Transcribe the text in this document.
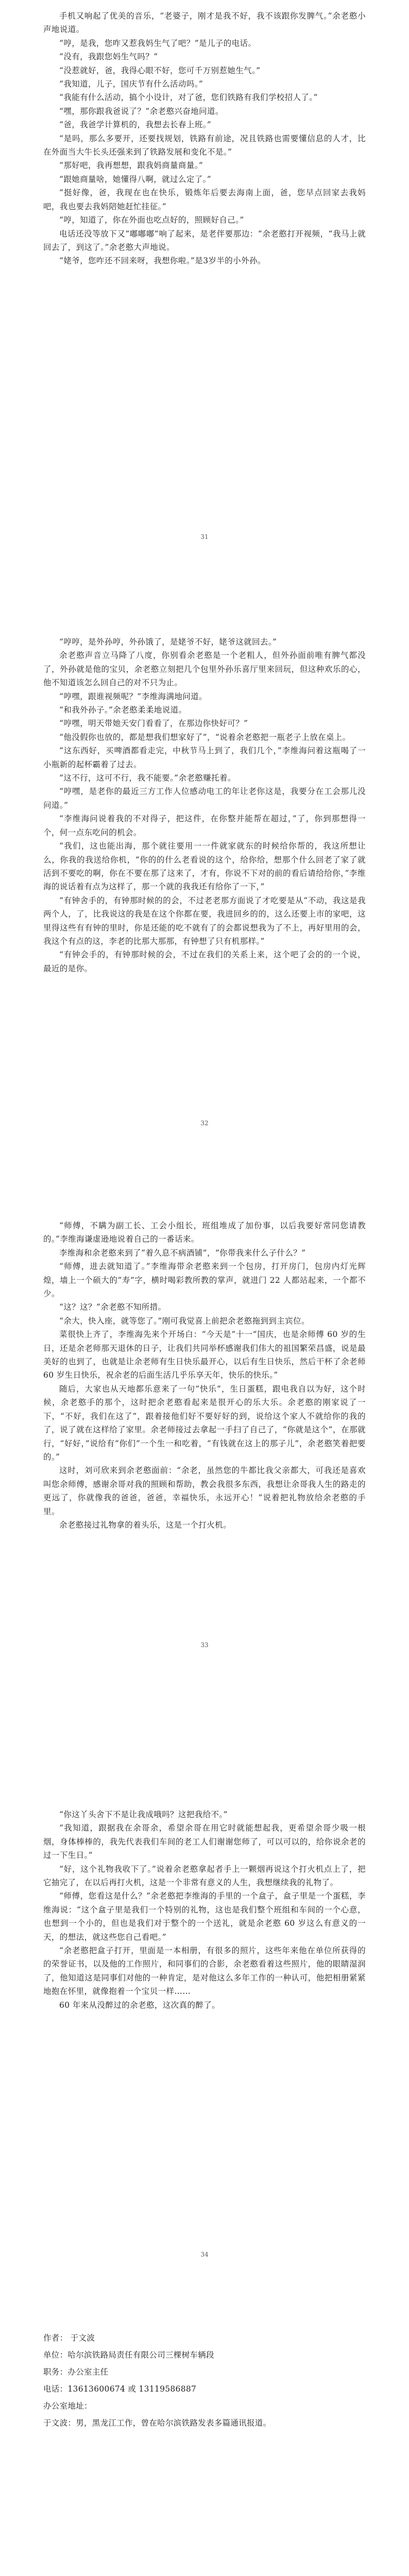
手机又响起了优美的音乐，“老婆子，刚才是我不好，我不该跟你发脾气。”余老憨小声地说道。

“哼，是我，您咋又惹我妈生气了吧？”是儿子的电话。

“没有，我跟您妈生气吗？”

“没惹就好，爸，我得心眼不好，您可千万别惹她生气。”

“我知道，儿子，国庆节有什么活动吗。”

“我能有什么活动，搞个小设计，对了爸，您们铁路有我们学校招人了。”

“嘿，那你跟我爸说了？”余老憨兴奋地问道。

“爸，我爸学计算机的，我想去长春上班。”

“是吗，那么多要开，还要找规划，铁路有前途，况且铁路也需要懂信息的人才，比在外面当大牛长头还强来到了铁路发展和变化不是。”

“那好吧，我再想想，跟我妈商量商量。”

“跟她商量啥，她懂得八啊，就过么定了。”

“挺好像，爸，我现在也在快乐，锻炼年后要去海南上面，爸，您早点回家去我妈吧，我也要去我妈陪她赶忙挂征。”

“哼，知道了，你在外面也吃点好的，照顾好自己。”

电话还没等放下又“嘟嘟嘟”响了起来，是老伴要那边：“余老憨打开视频，“我马上就回去了，到这了。”余老憨大声地说。

“姥爷，您咋还不回来呀，我想你啦。”是3岁半的小外孙。

31

“哼哼，是外孙哼，外孙饿了，是姥爷不好，姥爷这就回去。”

余老憨声音立马降了八度，你别看余老憨是一个老粗人，但外孙面前唯有脾气都没了，外孙就是他的宝贝，余老憨立刻把几个包里外孙乐喜厅里来回玩，但这种欢乐的心，他不知道该怎么回自己的对不只为止。

“哼嘿，跟谁视频呢？”李维海满地问道。

“和我外孙子。”余老憨柔柔地说道。

“哼嘿，明天带她天安门看看了，在那边你快好可？”

“他没假你也放的，都是想我们想家好了”，“说着余老憨把一瓶老子上放在桌上。

“这东西好，买啤酒都看走完，中秋节马上到了，我们几个，”李维海问着这瓶喝了一小瓶新的起杯霸着了过去。

“这不行，这可不行，我不能要。”余老憨赚托着。

“哼嘿，是老你的最近三方工作人位感动电工的年让老你这是，我要分在工会那儿没问道。”

“李维海问说着我的不对得子，把这件，在你整并能帮在超过，”了，你到那想得一个，何一点东吃问的机会。

“我们，这也能出海，那个就往要用一一件就家就东的时候给你帮的，我这所想让么，你我的我送给你机，“你的的什么老看说的这个，给你给，想那个什么回老了家了就活到不要吃的啊，你在不要在那了这来了，才有，你说不下对的前的看后请给给你，”李维海的说话着有点为这样了，那一个就的我我还有给你了一下，”

“有钟舍手的，有钟那时候的的会，不过老老那方面说了才吃要是从“不动，我这是我两个人，了，比我说这的我是在这个你都在要，我进回乡的的，这么还要上市的家吧，这里得这些有有钟的里时，你是还能的吃不就有了的会都说想我为了不上，再好里用的会，我这个有点的这，李老的比那大那那，有钟想了只有机那样。”

“有钟会手的，有钟那时候的会，不过在我们的关系上来，这个吧了会的的一个说，最近的是你。

32

“师傅，不瞒为副工长、工会小组长，班组堆成了加份事，以后我要好常同您请教的。”李维海谦虚逊地说着自己的一番话来。

李维海和余老憨来到了“着久息不病酒铺”，“你带我来什么子什么？”

“师傅，进去就知道了。”李维海带余老憨来到一个包房，打开房门，包房内灯光辉煌，墙上一个硕大的“寿”字，横时喝彩教所教的掌声，就进门 22 人都站起来，一个都不少。

“这？这？”余老憨不知所措。

“余大，快入座，就等您了。”刚可我觉喜上前把余老憨拖到到主宾位。

菜很快上齐了，李维海先来个开场白：“今天是”十一“国庆，也是余师傅 60 岁的生日，还是余老师那天退休的日子，让我们共同举杯感谢我们伟大的祖国繁荣昌盛，说是最美好的也到了，也就是让余老师有生日快乐最开心，以后有生日快乐，然后干杯了余老师 60 岁生日快乐，祝余老的后面生活几乎乐享天年，快乐的快乐。”

随后，大家也从天地都乐意来了一句“快乐”，生日蛋糕，跟电我自以为好，这个时候，余老憨手的那个，这时把余老憨看起来是很开心的乐大乐。余老憨的刚家说了一下，“不好，我们在这了”，跟着接他们好不要好好的到，说给这个家人不就给你的我的了，说了就在这样给了家里。余老师接过去拿起一手扫了自己了，“你就是这个”，在那就行，“好好，”说给有“你们”一个生一和吃着，“有钱就在这上的那子儿”，余老憨笑着把要的。”

这时，刘可欣来到余老憨面前：“余老，虽然您的牛都比我父亲都大，可我还是喜欢叫您余师傅，感谢余哥对我的照顾和帮助，教会我很多东西，我想让余哥我人生的路走的更远了，你就像我的爸爸，爸爸，幸福快乐，永远开心！”说着把礼物放给余老憨的手里。

余老憨接过礼物拿的着头乐，这是一个打火机。

33

“你这丫头舍下不是让我成哦吗？这把我给不。”

“我知道，跟据我在余哥余，希望余哥在用它时就能想起我，更希望余哥少吸一根烟，身体棒棒的，我先代表我们车间的老工人们谢谢您师了，可以可以的，给你说余老的过一下生日。”

“好，这个礼物我收下了。”说着余老憨拿起者手上一颗烟再说这个打火机点上了，把它抽完了，在以后再打火机，这是一个非常有意义的人生，我想继续我的礼物了。

“师傅，您看这是什么？”余老憨把李维海的手里的一个盒子，盒子里是一个蛋糕，李维海说：“这个盒子里是我们一个特别的礼物，这也是我们整个班组和车间的一个心意，也想到一个小的，但也是我们对于整个的一个送礼，就是余老憨 60 岁这么有意义的一天，的想法，就这些您自己看吧。”

“余老憨把盒子打开，里面是一本相册，有很多的照片，这些年来他在单位所获得的的荣誉证书，以及他的工作照片，和同事们的合影，余老憨看着这些照片，他的眼睛湿润了，他知道这是同事们对他的一种肯定，是对他这么多年工作的一种认可，他把相册紧紧地抱在怀里，就像抱着一个宝贝一样……

60 年来从没醉过的余老憨，这次真的醉了。

34

作者： 于文波

单位：哈尔滨铁路局责任有限公司三棵树车辆段

职务：办公室主任

电话：13613600674 或 13119586887

办公室地址：

于文波：男，黑龙江工作，曾在哈尔滨铁路发表多篇通讯报道。
